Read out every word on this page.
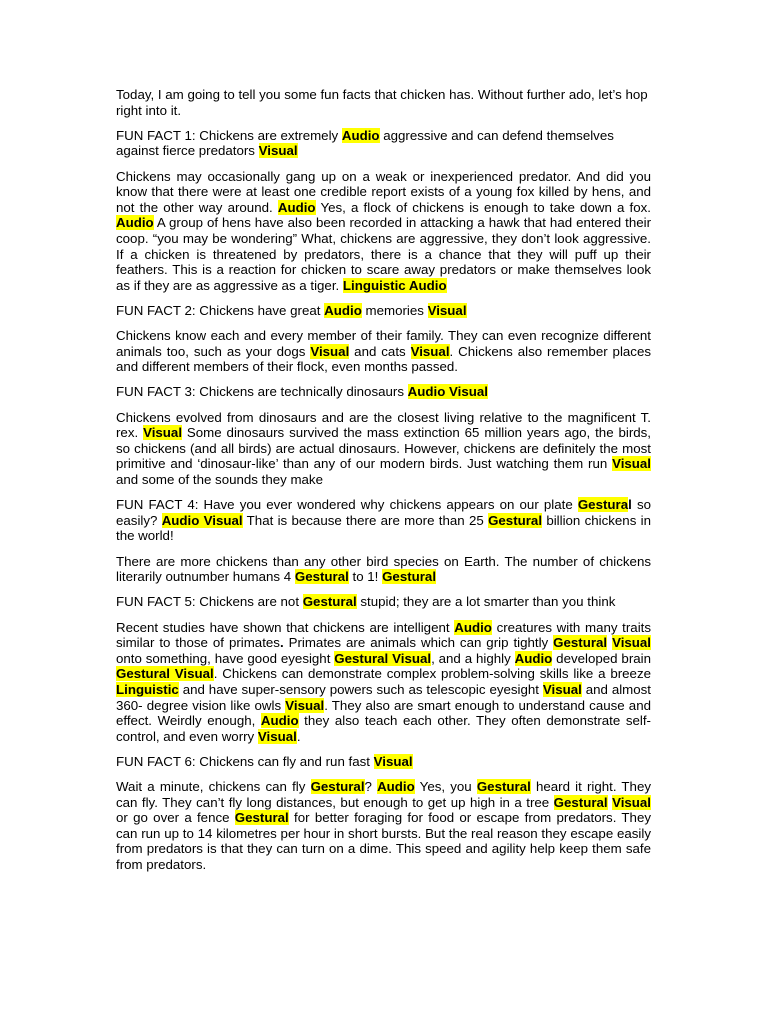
Today, I am going to tell you some fun facts that chicken has. Without further ado, let’s hop right into it.

FUN FACT 1: Chickens are extremely Audio aggressive and can defend themselves against fierce predators Visual

Chickens may occasionally gang up on a weak or inexperienced predator. And did you know that there were at least one credible report exists of a young fox killed by hens, and not the other way around. Audio Yes, a flock of chickens is enough to take down a fox. Audio A group of hens have also been recorded in attacking a hawk that had entered their coop. “you may be wondering” What, chickens are aggressive, they don’t look aggressive. If a chicken is threatened by predators, there is a chance that they will puff up their feathers. This is a reaction for chicken to scare away predators or make themselves look as if they are as aggressive as a tiger. Linguistic Audio

FUN FACT 2: Chickens have great Audio memories Visual

Chickens know each and every member of their family. They can even recognize different animals too, such as your dogs Visual and cats Visual. Chickens also remember places and different members of their flock, even months passed.

FUN FACT 3: Chickens are technically dinosaurs Audio Visual

Chickens evolved from dinosaurs and are the closest living relative to the magnificent T. rex. Visual Some dinosaurs survived the mass extinction 65 million years ago, the birds, so chickens (and all birds) are actual dinosaurs. However, chickens are definitely the most primitive and ‘dinosaur-like’ than any of our modern birds. Just watching them run Visual and some of the sounds they make

FUN FACT 4: Have you ever wondered why chickens appears on our plate Gestural so easily? Audio Visual That is because there are more than 25 Gestural billion chickens in the world!

There are more chickens than any other bird species on Earth. The number of chickens literarily outnumber humans 4 Gestural to 1! Gestural

FUN FACT 5: Chickens are not Gestural stupid; they are a lot smarter than you think

Recent studies have shown that chickens are intelligent Audio creatures with many traits similar to those of primates. Primates are animals which can grip tightly Gestural Visual onto something, have good eyesight Gestural Visual, and a highly Audio developed brain Gestural Visual. Chickens can demonstrate complex problem-solving skills like a breeze Linguistic and have super-sensory powers such as telescopic eyesight Visual and almost 360- degree vision like owls Visual. They also are smart enough to understand cause and effect. Weirdly enough, Audio they also teach each other. They often demonstrate self-control, and even worry Visual.

FUN FACT 6: Chickens can fly and run fast Visual

Wait a minute, chickens can fly Gestural? Audio Yes, you Gestural heard it right. They can fly. They can’t fly long distances, but enough to get up high in a tree Gestural Visual or go over a fence Gestural for better foraging for food or escape from predators. They can run up to 14 kilometres per hour in short bursts. But the real reason they escape easily from predators is that they can turn on a dime. This speed and agility help keep them safe from predators.
